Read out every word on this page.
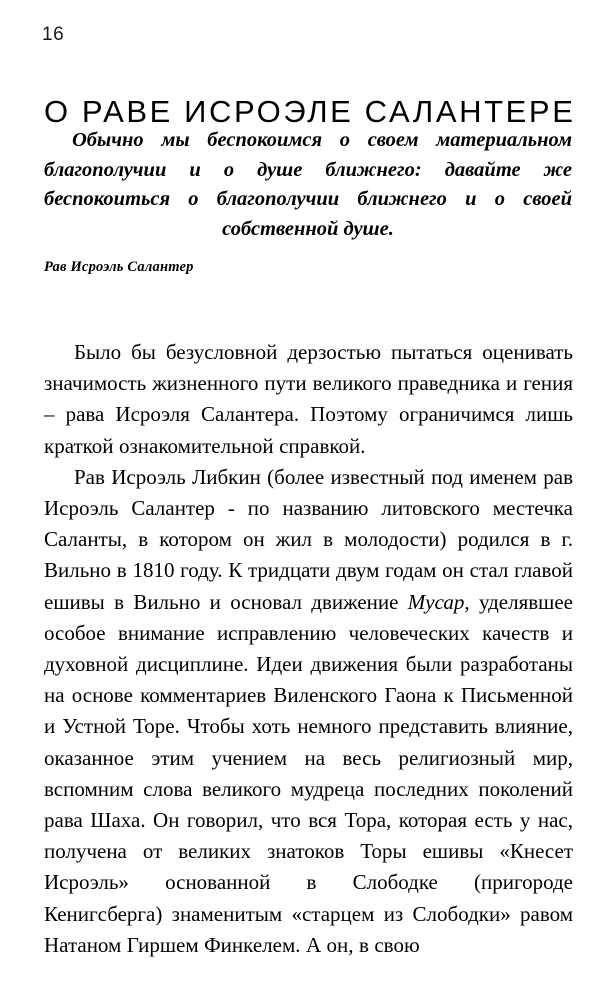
16
О РАВЕ ИСРОЭЛЕ САЛАНТЕРЕ

Обычно мы беспокоимся о своем материальном благополучии и о душе ближнего: давайте же беспокоиться о благополучии ближнего и о своей собственной душе.

Рав Исроэль Салантер

Было бы безусловной дерзостью пытаться оценивать значимость жизненного пути великого праведника и гения – рава Исроэля Салантера. Поэтому ограничимся лишь краткой ознакомительной справкой.

Рав Исроэль Либкин (более известный под именем рав Исроэль Салантер - по названию литовского местечка Саланты, в котором он жил в молодости) родился в г. Вильно в 1810 году. К тридцати двум годам он стал главой ешивы в Вильно и основал движение Мусар, уделявшее особое внимание исправлению человеческих качеств и духовной дисциплине. Идеи движения были разработаны на основе комментариев Виленского Гаона к Письменной и Устной Торе. Чтобы хоть немного представить влияние, оказанное этим учением на весь религиозный мир, вспомним слова великого мудреца последних поколений рава Шаха. Он говорил, что вся Тора, которая есть у нас, получена от великих знатоков Торы ешивы «Кнесет Исроэль» основанной в Слободке (пригороде Кенигсберга) знаменитым «старцем из Слободки» равом Натаном Гиршем Финкелем. А он, в свою
